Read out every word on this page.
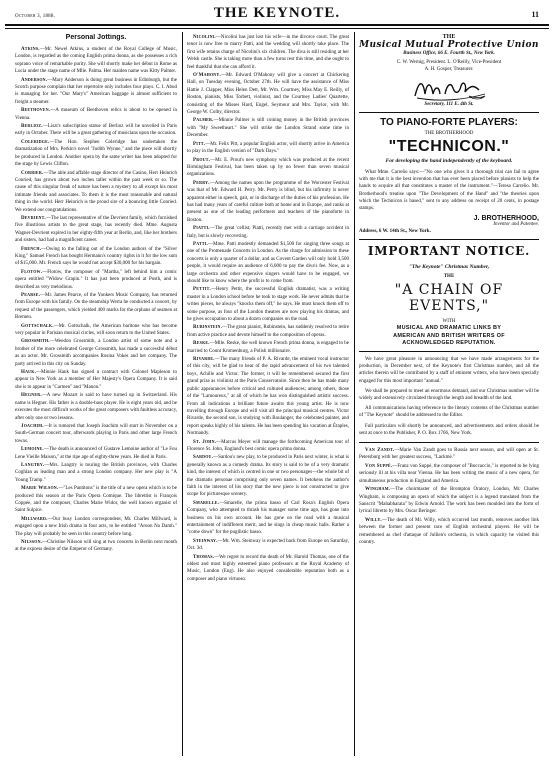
October 3, 1888.	THE KEYNOTE.	11
Personal Jottings.

Atkins.—Mr. Newel Atkins, a student of the Royal College of Music, London, is regarded as the coming English prima donna, as she possesses a rich soprano voice of remarkable purity. She will shortly make her début in Rome as Lucia under the stage name of Mlle. Palma. Her maiden name was Kitty Palmer.

Anderson.—Mary Anderson is doing great business in Edinburgh, but the Scotch purpose complain that her repertoire only includes four plays. C. I. Abud is managing for her. "Our Mary's" American baggage is almost sufficient to freight a steamer.

Beethoven.—A museum of Beethoven relics is about to be opened in Vienna.

Berlioz.—Liszt's subscription statue of Berlioz will be unveiled in Paris early in October. There will be a great gathering of musicians upon the occasion.

Coleridge.—The Hon. Stephen Coleridge has undertaken the dramatization of Mrs. Perkin's novel "Judith Wynne," and the piece will shortly be produced in London. Another opera by the same writer has been adopted for the stage by Lewis Clifton.

Corrier.—The able and affable stage director of the Casino, Herr Heinrich Conried, has grown about two inches taller within the past week or so. The cause of this singular freak of nature has been a mystery to all except his most intimate friends and associates. To them it is the most reasonable and natural thing in the world. Herr Heinrich is the proud sire of a bouncing little Conried. We extend our congratulations.

Devrient.—The last representative of the Devrient family, which furnished five illustrious artists to the great stage, has recently died. Mme. Augusta Wagner-Devrient expired in her eighty-fifth year at Berlin, and, like her brothers and sisters, had had a magnificent career.

French.—Owing to the falling out of the London authors of the "Silver King," Samuel French has bought Hermann's country rights in it for the low sum of $15,000. Mr. French says he would not accept $30,000 for his bargain.

Flotow.—Flotow, the composer of "Martha," left behind him a comic opera entitled "Widow Grapin." It has just been produced at Posth, and is described as very melodious.

Pearse.—Mr. James Pearce, of the Yonkers Music Company, has returned from Europe with his family. On the steamship Werra he conducted a concert, by request of the passengers, which yielded 400 marks for the orphans of seamen at Bremen.

Gottschalk.—Mr. Gottschalk, the American baritone who has become very popular in Parisian musical circles, will soon return to the United States.

Grossmith.—Weedon Grossmith, a London artist of some note and a brother of the more celebrated George Grossmith, has made a successful début as an actor. Mr. Grossmith accompanies Rosina Vokes and her company. The party arrived in this city on Sunday.

Hauk.—Minnie Hank has signed a contract with Colonel Mapleson to appear in New York as a member of Her Majesty's Opera Company. It is said she is to appear in "Carmen" and "Manon."

Hegner.—A new Mozart is said to have turned up in Switzerland. His name is Hegner. His father is a double-bass player. He is eight years old, and he executes the most difficult works of the great composers with faultless accuracy, after only one or two lessons.

Joachim.—It is rumored that Joseph Joachim will start in November on a South-German concert tour, afterwards playing in Paris and other large French towns.

Lemoine.—The death is announced of Gustave Lemoine author of "Le Fou Lene Vieille Maison," at the ripe age of eighty-three years. He died in Paris.

Langtry.—Mrs. Langtry is touring the British provinces, with Charles Coghlan as leading man and a strong London company. Her new play is "A Young Tramp."

Marie Wilson.—"Les Pantitons" is the title of a new opera which is to be produced this season at the Paris Opera Comique. The librettist is François Coppée, and the composer, Charles Marie Widor, the well known organist of Saint Sulpice.

Millward.—Our busy London correspondent, Mr. Charles Millward, is engaged upon a new Irish drama in four acts, to be entitled "Aroon Na Damh." The play will probably be seen in this country before long.

Nilsson.—Christine Nilsson will sing at two concerts in Berlin next month at the express desire of the Emperor of Germany.

Nicolini.—Nicolini has just lost his wife—in the divorce court. The great tenor is now free to marry Patti, and the wedding will shortly take place. The first wife retains charge of Nicolini's six children. The diva is still residing at her Welsh castle. She is taking more than a few turns rest this time, and she ought to feel thankful that she can afford it.

O'Mahony.—Mr. Edward O'Mahony will give a concert at Chickering Hall, on Tuesday evening, October 27th. He will have the assistance of Miss Hattie J. Clapper, Miss Helen Dett, Mr. Wm. Courtney, Miss May E. Reilly, of Boston, pianists, Miss Torbett, violinist, and the Courtney Ladies' Quartette, consisting of the Misses Hard, Engel, Seymour and Mrs. Taylor, with Mr. George W. Colby, director.

Palmer.—Minnie Palmer is still coining money in the British provinces with "My Sweetheart." She will strike the London Strand some time in December.

Pitt.—Mr. Felix Pitt, a popular English actor, will shortly arrive in America to play in the English version of "Dark Days."

Prout.—Mr. E. Prout's new symphony which was produced at the recent Birmingham Festival, has been taken up by no fewer than seven musical organizations.

Perry.—Among the names upon the programme of the Worcester Festival was that of Mr. Edward H. Perry. Mr. Perry is blind, but his infirmity is never apparent either in speech, gait, or in discharge of the duties of his profession. He has had many years of careful culture both at home and in Europe, and ranks at present as one of the leading performers and teachers of the pianoforte in Boston.

Piatti.—The great 'cellist, Piatti, recently met with a carriage accident in Italy, but is slowly recovering.

Patti.—Mme. Patti modestly demanded $1,500 for singing three songs at one of the Promenade Concerts in London. As the charge for admission to these concerts is only a quarter of a dollar, and as Covent Garden will only hold 3,500 people, it would require an audience of 6,000 to pay the diva's fee. Now, as a large orchestra and other expensive singers would have to be engaged, we should like to know where the profit is to come from.

Pettit.—Henry Pettit, the successful English dramatist, was a writing master in a London school before he took to stage work. He never admits that he writes pieces, he always "knocks them off," he says. He must knock them off to some purpose, as four of the London theatres are now playing his dramas, and he gives occupation to about a dozen companies on the road.

Rubinstein.—The great pianist, Rubinstein, has suddenly resolved to retire from active practice and devote himself to the composition of operas.

Reske.—Mlle. Reske, the well known French prima donna, is engaged to be married to Count Kromenburg, a Polish millionaire.

Rivarde.—The many friends of P. A. Rivarde, the eminent vocal instructor of this city, will be glad to hear of the rapid advancement of his two talented boys, Achille and Victor. The former, it will be remembered secured the first grand prize as violinist at the Paris Conservatoire. Since then he has made many public appearances before critical and cultured audiences; among others, those of the "Lamoureux," at all of which he has won distinguished artistic success. From all indications a brilliant future awaits this young artist. He is now travelling through Europe and will visit all the principal musical centres. Victor Rivarde, the second son, is studying with Boulanger, the celebrated painter, and report speaks highly of his talents. He has been spending his vacation at Étaples, Normandy.

St. John.—Marcus Meyer will manage the forthcoming American tour of Florence St. John, England's best comic opera prima donna.

Sardou.—Sardou's new play, to be produced in Paris next winter, is what is generally known as a comedy drama. Its story is said to be of a very dramatic kind, the interest of which is centred in one or two personages—the whole bit of the dramatis personae comprising only seven names. It betokens the author's faith in the interest of his story that the new piece is not constructed to give scope for picturesque scenery.

Smarelle.—Smarelle, the prima basso of Carl Rosa's English Opera Company, who attempted to thrash his manager some time ago, has gone into business on his own account. He has gone on the road with a musical entertainment of indifferent merit, and he sings in cheap music halls. Rather a "come down" for the pugilistic basso.

Steinway.—Mr. Wm. Steinway is expected back from Europe on Saturday, Oct. 3d.

Thomas.—We regret to record the death of Mr. Harold Thomas, one of the oldest and most highly esteemed piano professors at the Royal Academy of Music, London (Eng). He also enjoyed considerable reputation both as a composer and piano virtuoso.

THE
Musical Mutual Protective Union
Business Office, 66 E. Fourth St., New York.
C. W. Wernig, President. L. O'Reilly, Vice-President
A. H. Gosper, Treasurer.
Secretary, 111 E. 4th St.
TO PIANO-FORTE PLAYERS:
THE BROTHERHOOD
"TECHNICON."
For developing the hand independently of the keyboard.
What Mme. Carreño says:—"No one who gives it a thorough trial can fail to agree with me that it is the best invention that has ever been placed before planists to help the hands to acquire all that constitutes a master of the instrument."—Teresa Carreño. Mr. Brotherhood's treatise upon "The Development of the Hand" and "the theories upon which the Technicon is based," sent to any address on receipt of 20 cents, in postage stamps.
J. BROTHERHOOD,
Inventor and Patentee.
Address, 6 W. 14th St., New York.
IMPORTANT NOTICE.
"The Keynote" Christmas Number,
THE
"A CHAIN OF EVENTS,"
WITH
MUSICAL AND DRAMATIC LINKS BY
AMERICAN AND BRITISH WRITERS OF
ACKNOWLEDGED REPUTATION.
We have great pleasure in announcing that we have made arrangements for the production, in December next, of the Keynote's first Christmas number, and all the articles therein will be contributed by a staff of eminent writers, who have been specially engaged for this most important "annual."
We shall be prepared to meet an enormous demand, and our Christmas number will be widely and extensively circulated through the length and breadth of the land.
All communications having reference to the literary contents of the Christmas number of "The Keynote" should be addressed to the Editor.
Full particulars will shortly be announced, and advertisements and orders should be sent at once to the Publisher, P. O. Box 1766, New York.

Van Zandt.—Marie Van Zandt goes to Russia next season, and will open at St. Petersburg with her greatest success, "Lackmé."

Von Suppé.—Franz von Suppé, the composer of "Boccaccio," is reported to be lying seriously ill at his villa near Vienna. He has been writing the music of a new opera, for simultaneous production in England and America.

Wingham.—The choirmaster of the Brompton Oratory, London, Mr. Charles Wingham, is composing an opera of which the subject is a legend translated from the Sanscrit "Mahabharata" by Edwin Arnold. The work has been moulded into the form of lyrical libretto by Mrs. Oscar Beringer.

Willy.—The death of Mr. Willy, which occurred last month, removes another link between the former and present race of English orchestral players. He will be remembered as chef d'attaque of Jullien's orchestra, in which capacity he visited this country.
